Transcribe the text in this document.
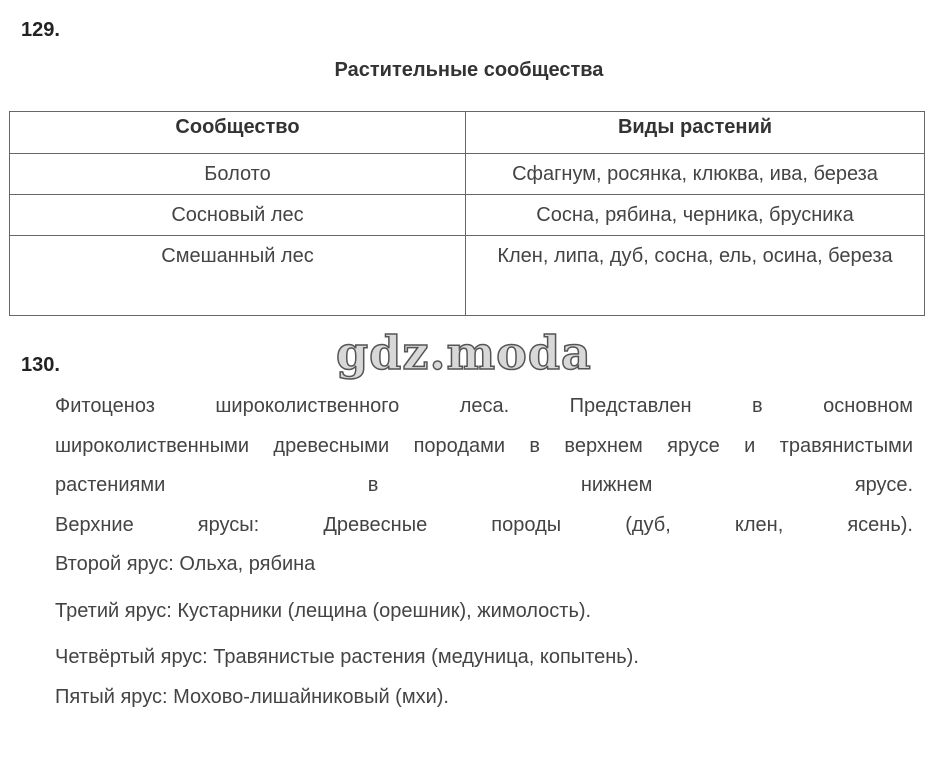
129.
Растительные сообщества
Сообщество	Виды растений
Болото	Сфагнум, росянка, клюква, ива, береза
Сосновый лес	Сосна, рябина, черника, брусника
Смешанный лес	Клен, липа, дуб, сосна, ель, осина, береза
130.	gdz.moda
Фитоценоз широколиственного леса. Представлен в основном
широколиственными древесными породами в верхнем ярусе и травянистыми
растениями в нижнем ярусе.
Верхние ярусы: Древесные породы (дуб, клен, ясень).
Второй ярус: Ольха, рябина
Третий ярус: Кустарники (лещина (орешник), жимолость).
Четвёртый ярус: Травянистые растения (медуница, копытень).
Пятый ярус: Мохово-лишайниковый (мхи).
